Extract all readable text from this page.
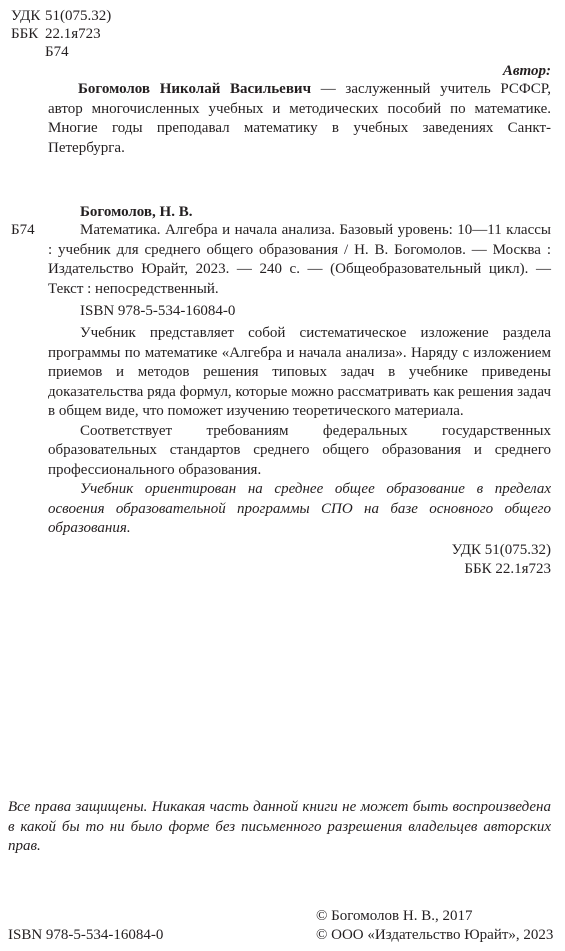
УДК 51(075.32)
ББК 22.1я723
Б74
Автор:
Богомолов Николай Васильевич — заслуженный учитель РСФСР, автор многочисленных учебных и методических пособий по математике. Многие годы преподавал математику в учебных заведениях Санкт-Петербурга.
Богомолов, Н. В.
Б74	Математика. Алгебра и начала анализа. Базовый уровень: 10—11 классы : учебник для среднего общего образования / Н. В. Богомолов. — Москва : Издательство Юрайт, 2023. — 240 с. — (Общеобразовательный цикл). — Текст : непосредственный.
ISBN 978-5-534-16084-0

Учебник представляет собой систематическое изложение раздела программы по математике «Алгебра и начала анализа». Наряду с изложением приемов и методов решения типовых задач в учебнике приведены доказательства ряда формул, которые можно рассматривать как решения задач в общем виде, что поможет изучению теоретического материала.

Соответствует требованиям федеральных государственных образовательных стандартов среднего общего образования и среднего профессионального образования.

Учебник ориентирован на среднее общее образование в пределах освоения образовательной программы СПО на базе основного общего образования.

УДК 51(075.32)
ББК 22.1я723
Все права защищены. Никакая часть данной книги не может быть воспроизведена в какой бы то ни было форме без письменного разрешения владельцев авторских прав.
ISBN 978-5-534-16084-0
© Богомолов Н. В., 2017
© ООО «Издательство Юрайт», 2023
